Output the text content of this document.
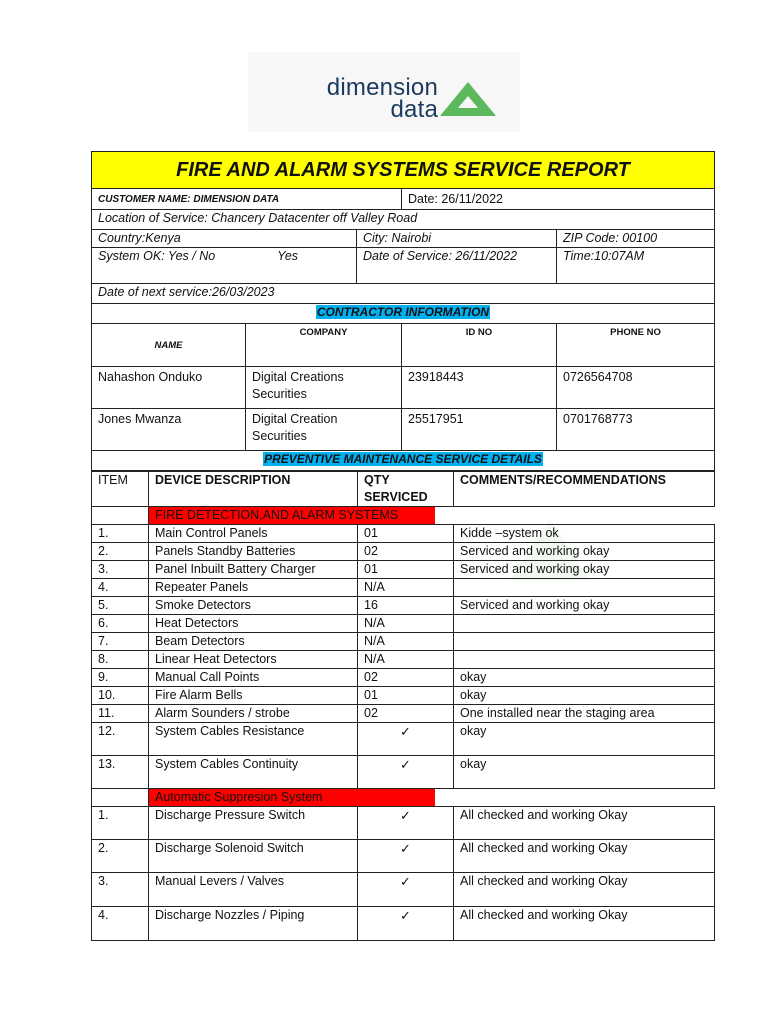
dimension
data
FIRE AND ALARM SYSTEMS SERVICE REPORT				
CUSTOMER NAME: DIMENSION DATA			Date: 26/11/2022	
Location of Service: Chancery Datacenter off Valley Road				
Country:Kenya		City: Nairobi		ZIP Code: 00100
System OK: Yes / No Yes		Date of Service: 26/11/2022		Time:10:07AM
Date of next service:26/03/2023				
CONTRACTOR INFORMATION				
NAME	COMPANY		ID NO	PHONE NO
Nahashon Onduko	Digital Creations Securities		23918443	0726564708
Jones Mwanza	Digital Creation Securities		25517951	0701768773
PREVENTIVE MAINTENANCE SERVICE DETAILS				
ITEM	DEVICE DESCRIPTION	QTY SERVICED	COMMENTS/RECOMMENDATIONS

	FIRE DETECTION,AND ALARM SYSTEMS		

1.	Main Control Panels	01	Kidde –system ok
2.	Panels Standby Batteries	02	Serviced and working okay
3.	Panel Inbuilt Battery Charger	01	Serviced and working okay
4.	Repeater Panels	N/A	
5.	Smoke Detectors	16	Serviced and working okay
6.	Heat Detectors	N/A	
7.	Beam Detectors	N/A	
8.	Linear Heat Detectors	N/A	
9.	Manual Call Points	02	okay
10.	Fire Alarm Bells	01	okay
11.	Alarm Sounders / strobe	02	One installed near the staging area
12.	System Cables Resistance	✓	okay
13.	System Cables Continuity	✓	okay

	Automatic Suppresion System		

1.	Discharge Pressure Switch	✓	All checked and working Okay
2.	Discharge Solenoid Switch	✓	All checked and working Okay
3.	Manual Levers / Valves	✓	All checked and working Okay
4.	Discharge Nozzles / Piping	✓	All checked and working Okay
